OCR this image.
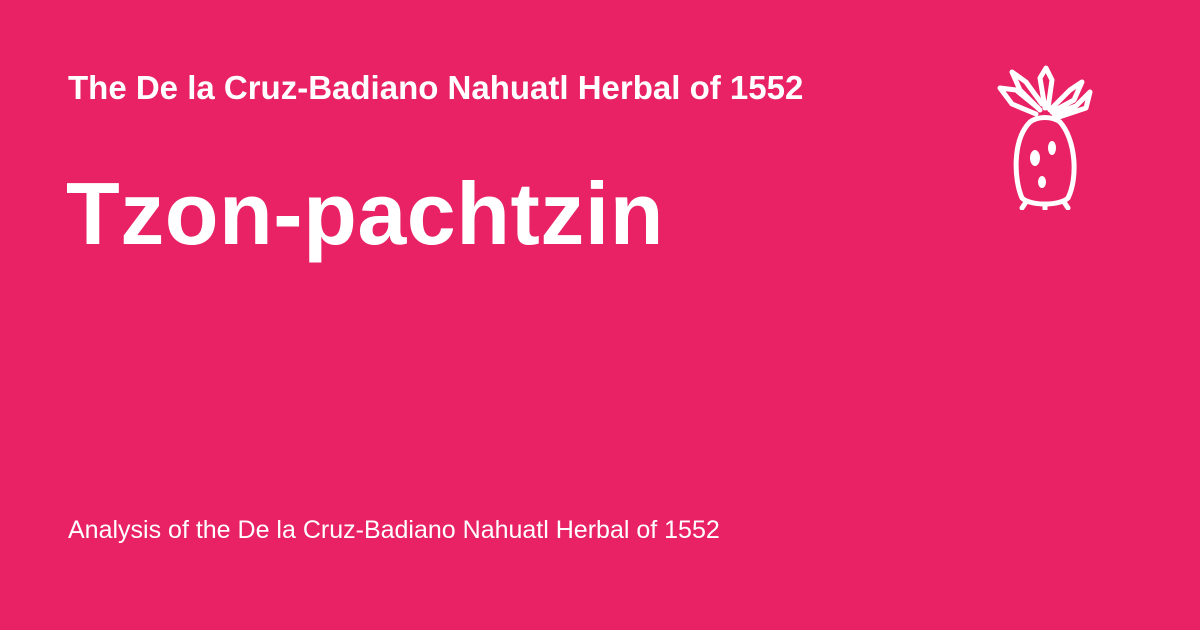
The De la Cruz-Badiano Nahuatl Herbal of 1552
Tzon-pachtzin
Analysis of the De la Cruz-Badiano Nahuatl Herbal of 1552
